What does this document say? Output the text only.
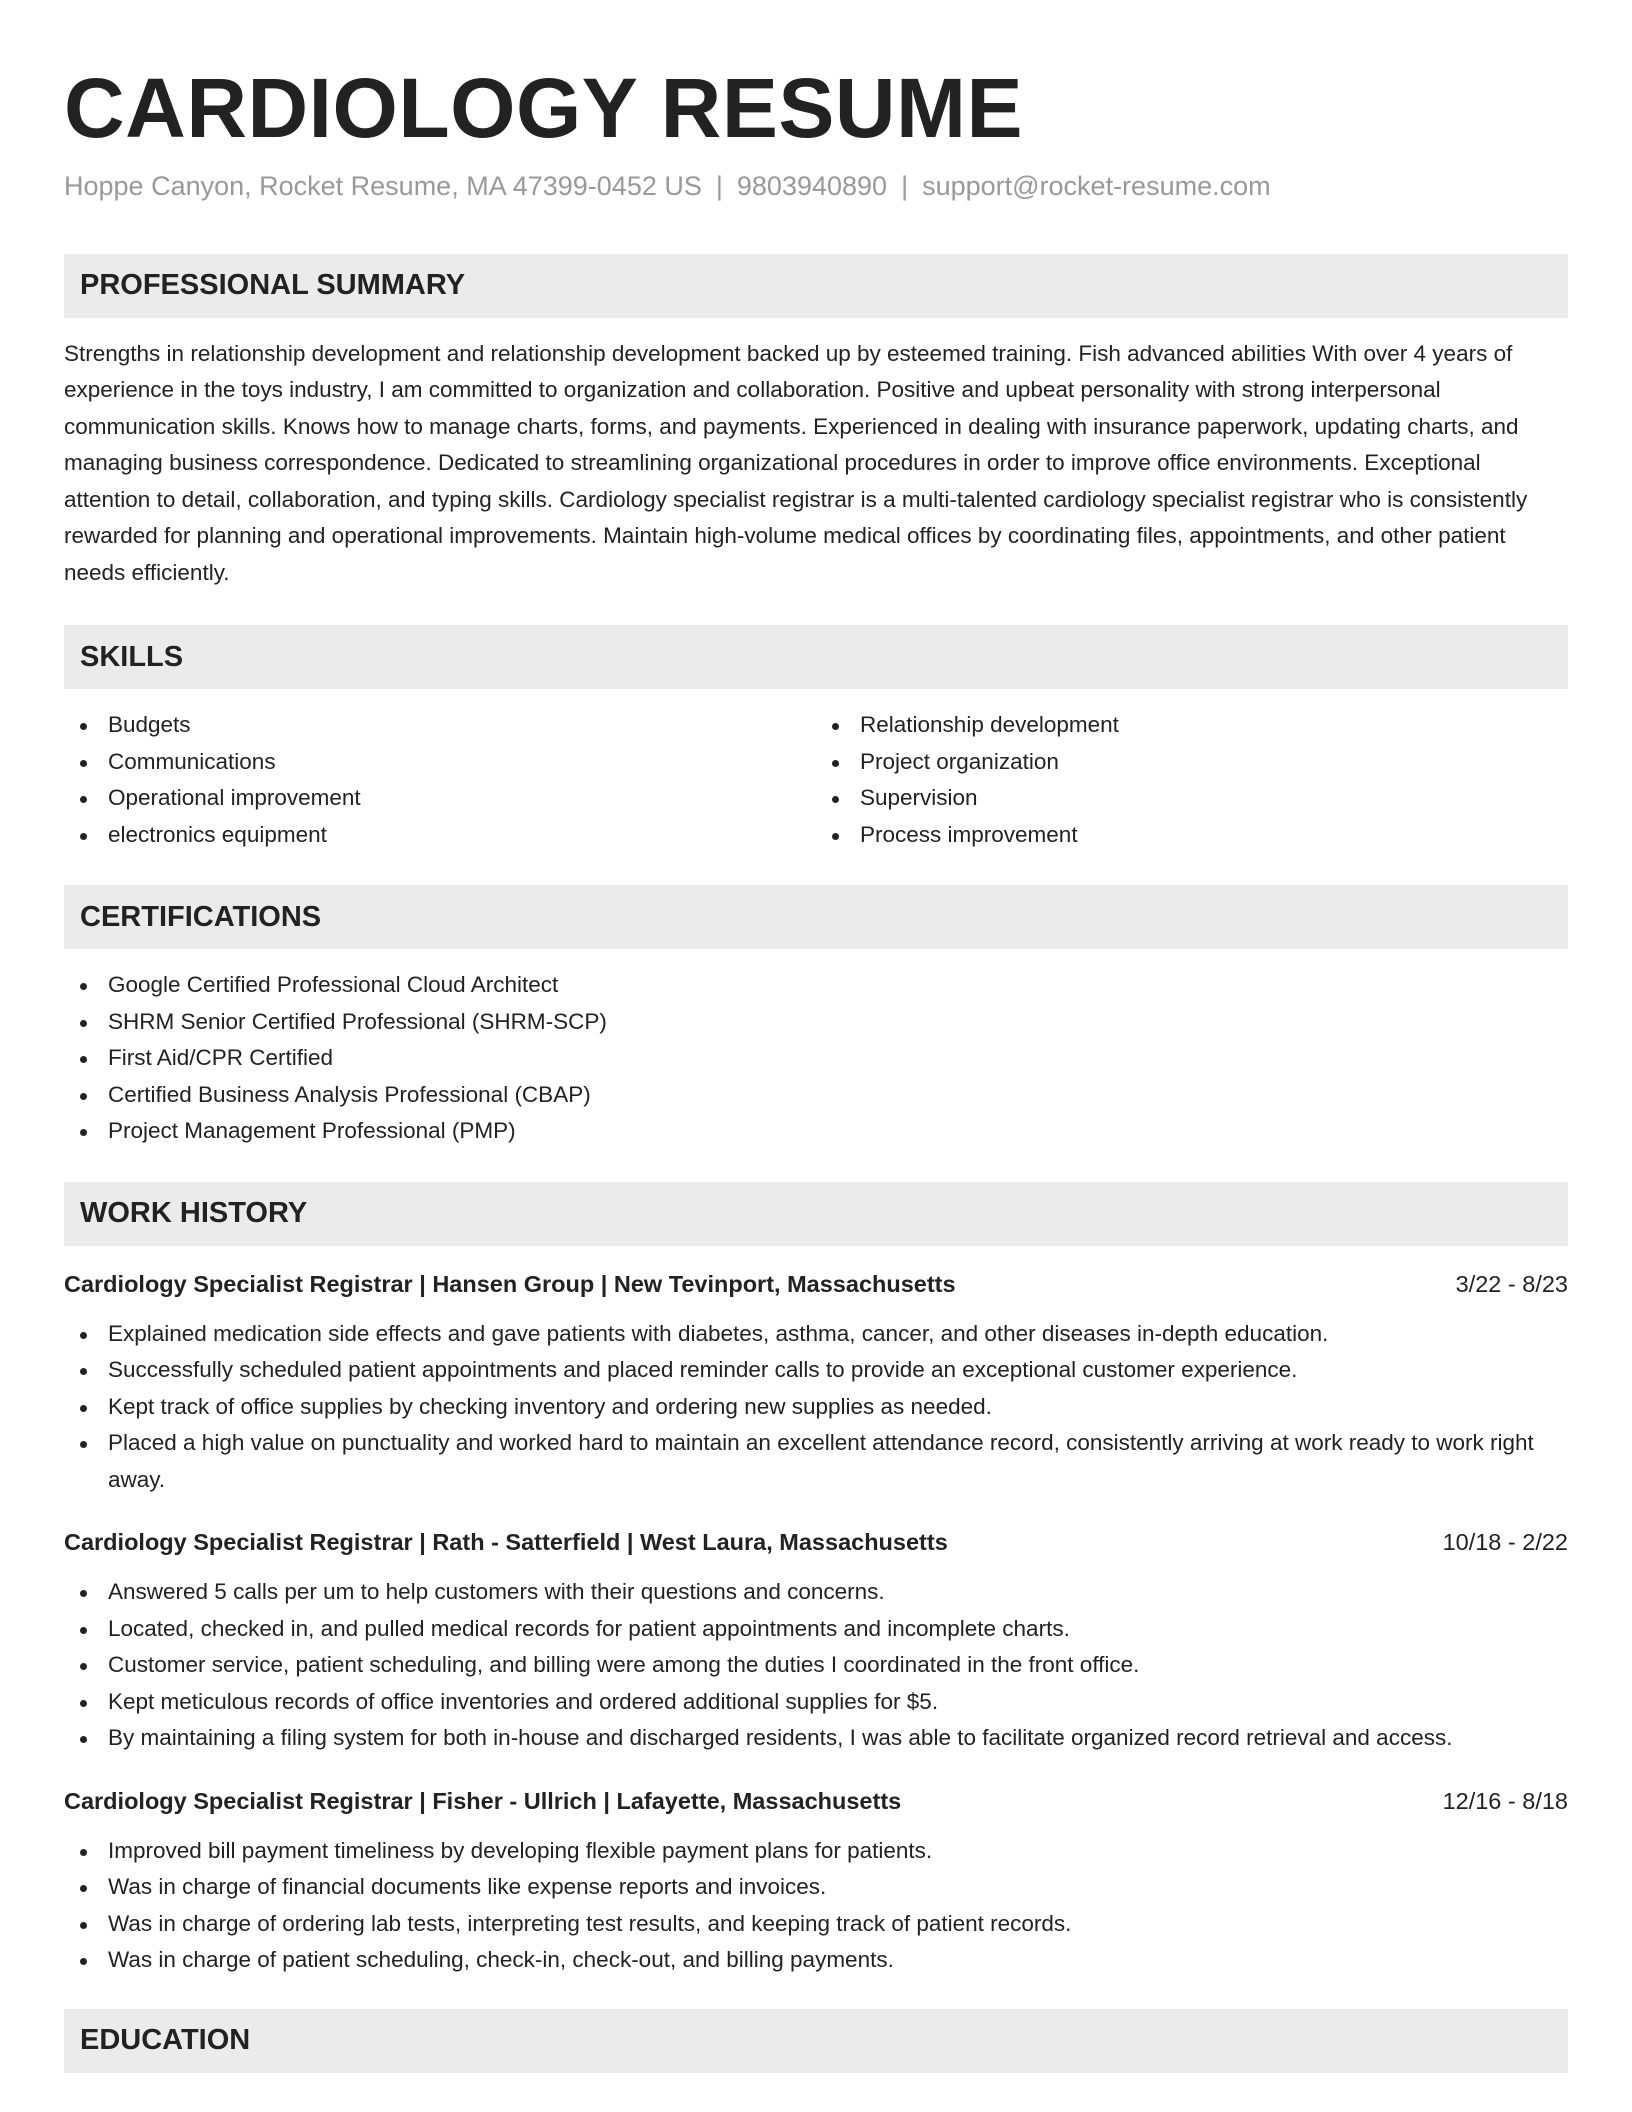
CARDIOLOGY RESUME
Hoppe Canyon, Rocket Resume, MA 47399-0452 US | 9803940890 | support@rocket-resume.com
PROFESSIONAL SUMMARY

Strengths in relationship development and relationship development backed up by esteemed training. Fish advanced abilities With over 4 years of experience in the toys industry, I am committed to organization and collaboration. Positive and upbeat personality with strong interpersonal communication skills. Knows how to manage charts, forms, and payments. Experienced in dealing with insurance paperwork, updating charts, and managing business correspondence. Dedicated to streamlining organizational procedures in order to improve office environments. Exceptional attention to detail, collaboration, and typing skills. Cardiology specialist registrar is a multi-talented cardiology specialist registrar who is consistently rewarded for planning and operational improvements. Maintain high-volume medical offices by coordinating files, appointments, and other patient needs efficiently.

SKILLS
Budgets
Communications
Operational improvement
electronics equipment
Relationship development
Project organization
Supervision
Process improvement
CERTIFICATIONS
Google Certified Professional Cloud Architect
SHRM Senior Certified Professional (SHRM-SCP)
First Aid/CPR Certified
Certified Business Analysis Professional (CBAP)
Project Management Professional (PMP)
WORK HISTORY
Cardiology Specialist Registrar | Hansen Group | New Tevinport, Massachusetts	3/22 - 8/23
Explained medication side effects and gave patients with diabetes, asthma, cancer, and other diseases in-depth education.
Successfully scheduled patient appointments and placed reminder calls to provide an exceptional customer experience.
Kept track of office supplies by checking inventory and ordering new supplies as needed.
Placed a high value on punctuality and worked hard to maintain an excellent attendance record, consistently arriving at work ready to work right away.
Cardiology Specialist Registrar | Rath - Satterfield | West Laura, Massachusetts	10/18 - 2/22
Answered 5 calls per um to help customers with their questions and concerns.
Located, checked in, and pulled medical records for patient appointments and incomplete charts.
Customer service, patient scheduling, and billing were among the duties I coordinated in the front office.
Kept meticulous records of office inventories and ordered additional supplies for $5.
By maintaining a filing system for both in-house and discharged residents, I was able to facilitate organized record retrieval and access.
Cardiology Specialist Registrar | Fisher - Ullrich | Lafayette, Massachusetts	12/16 - 8/18
Improved bill payment timeliness by developing flexible payment plans for patients.
Was in charge of financial documents like expense reports and invoices.
Was in charge of ordering lab tests, interpreting test results, and keeping track of patient records.
Was in charge of patient scheduling, check-in, check-out, and billing payments.
EDUCATION
